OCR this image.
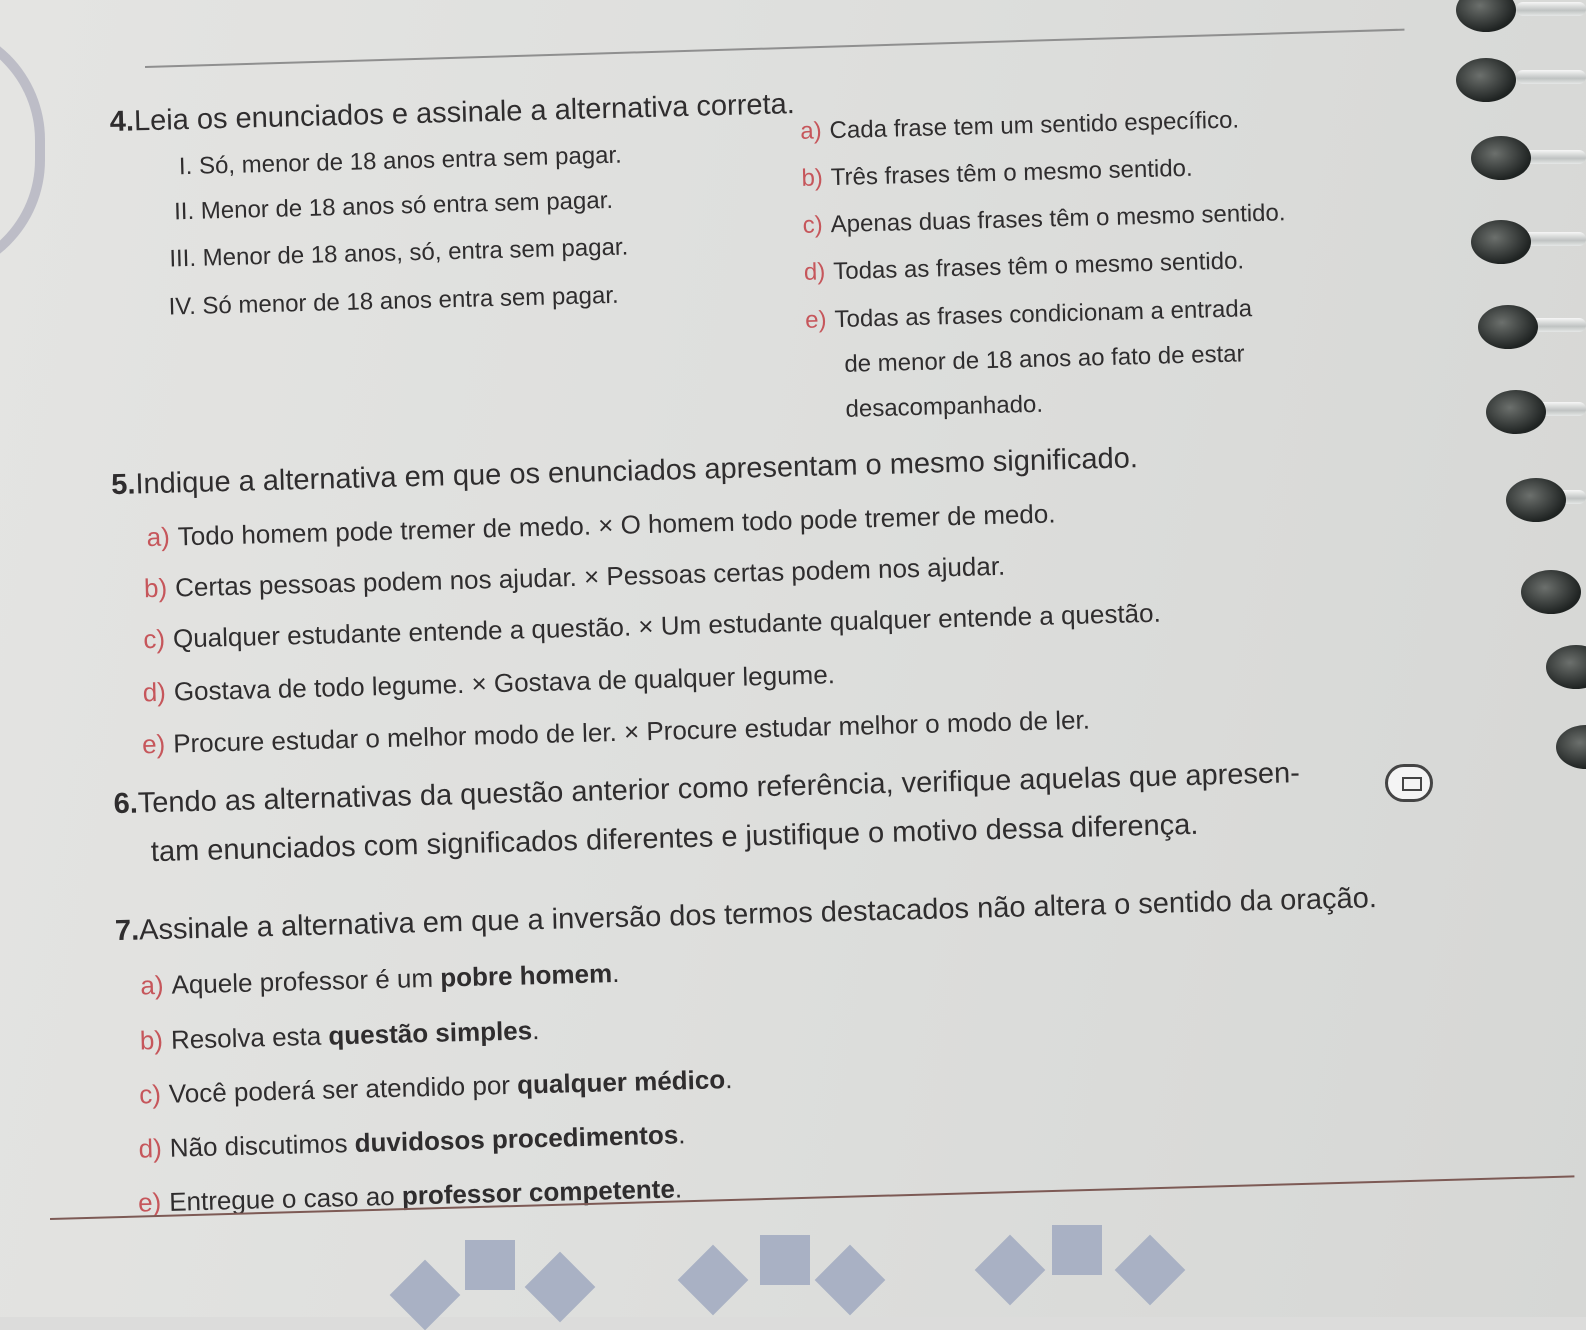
4.Leia os enunciados e assinale a alternativa correta.
I. Só, menor de 18 anos entra sem pagar.
II. Menor de 18 anos só entra sem pagar.
III. Menor de 18 anos, só, entra sem pagar.
IV. Só menor de 18 anos entra sem pagar.
a) Cada frase tem um sentido específico.
b) Três frases têm o mesmo sentido.
c) Apenas duas frases têm o mesmo sentido.
d) Todas as frases têm o mesmo sentido.
e) Todas as frases condicionam a entrada
de menor de 18 anos ao fato de estar
desacompanhado.
5.Indique a alternativa em que os enunciados apresentam o mesmo significado.
a) Todo homem pode tremer de medo. × O homem todo pode tremer de medo.
b) Certas pessoas podem nos ajudar. × Pessoas certas podem nos ajudar.
c) Qualquer estudante entende a questão. × Um estudante qualquer entende a questão.
d) Gostava de todo legume. × Gostava de qualquer legume.
e) Procure estudar o melhor modo de ler. × Procure estudar melhor o modo de ler.
6.Tendo as alternativas da questão anterior como referência, verifique aquelas que apresen-
tam enunciados com significados diferentes e justifique o motivo dessa diferença.
7.Assinale a alternativa em que a inversão dos termos destacados não altera o sentido da oração.
a) Aquele professor é um pobre homem.
b) Resolva esta questão simples.
c) Você poderá ser atendido por qualquer médico.
d) Não discutimos duvidosos procedimentos.
e) Entregue o caso ao professor competente.
